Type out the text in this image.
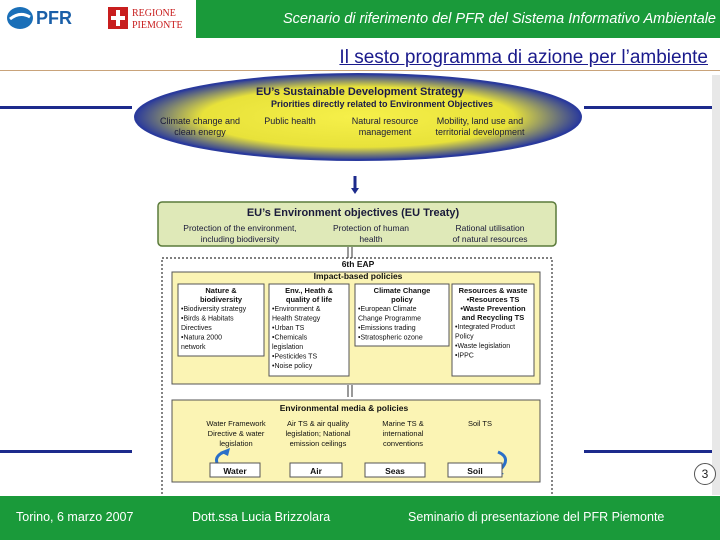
PFR	REGIONE
PIEMONTE	Scenario di riferimento del PFR del Sistema Informativo Ambientale
Il sesto programma di azione per l’ambiente
EU’s Sustainable Development Strategy
Priorities directly related to Environment Objectives
Climate change and
clean energy
Public health	Natural resource
management
Mobility, land use and
territorial development
EU’s Environment objectives (EU Treaty)
Protection of the environment,
including biodiversity
Protection of human
health
Rational utilisation
of natural resources
6th EAP
Impact-based policies
Nature &
biodiversity
•Biodiversity strategy
•Birds & Habitats
Directives
•Natura 2000
network
Env., Heath &
quality of life
•Environment &
Health Strategy
•Urban TS
•Chemicals
legislation
•Pesticides TS
•Noise policy
Climate Change
policy
•European Climate
Change Programme
•Emissions trading
•Stratospheric ozone
Resources & waste
•Resources TS
•Waste Prevention
and Recycling TS
•Integrated Product
Policy
•Waste legislation
•IPPC
Environmental media & policies
Water Framework
Directive & water
legislation
Air TS & air quality
legislation; National
emission ceilings
Marine TS &
international
conventions
Soil TS
Water	Air	Seas	Soil	3
Torino, 6 marzo 2007	Dott.ssa Lucia Brizzolara	Seminario di presentazione del PFR Piemonte
